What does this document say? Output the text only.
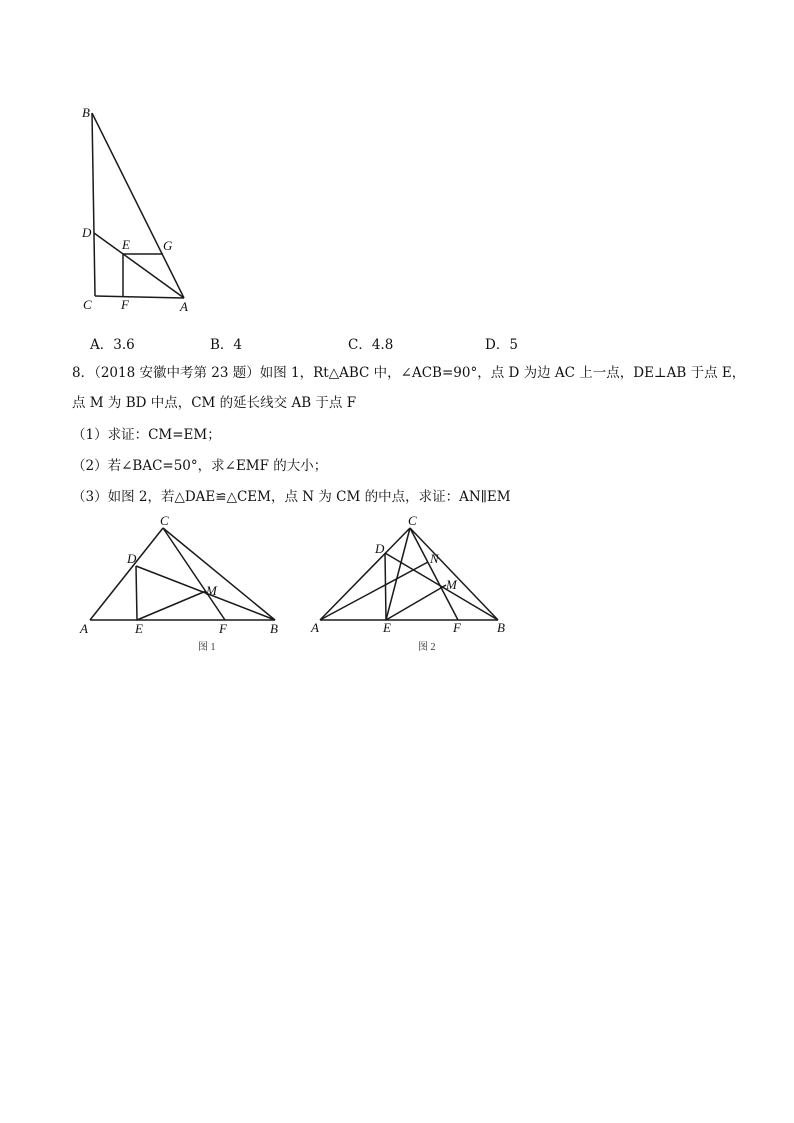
B
D
E	G
C F	A
A．3.6	B．4	C．4.8	D．5
8．（2018 安徽中考第 23 题）如图 1，Rt△ABC 中，∠ACB=90°，点 D 为边 AC 上一点，DE⊥AB 于点 E，
点 M 为 BD 中点，CM 的延长线交 AB 于点 F
（1）求证：CM=EM；
（2）若∠BAC=50°，求∠EMF 的大小；
（3）如图 2，若△DAE≌△CEM，点 N 为 CM 的中点，求证：AN∥EM
C
D
M
A	E	F	B
图 1
C
D
N
M
A	E	F	B
图 2
